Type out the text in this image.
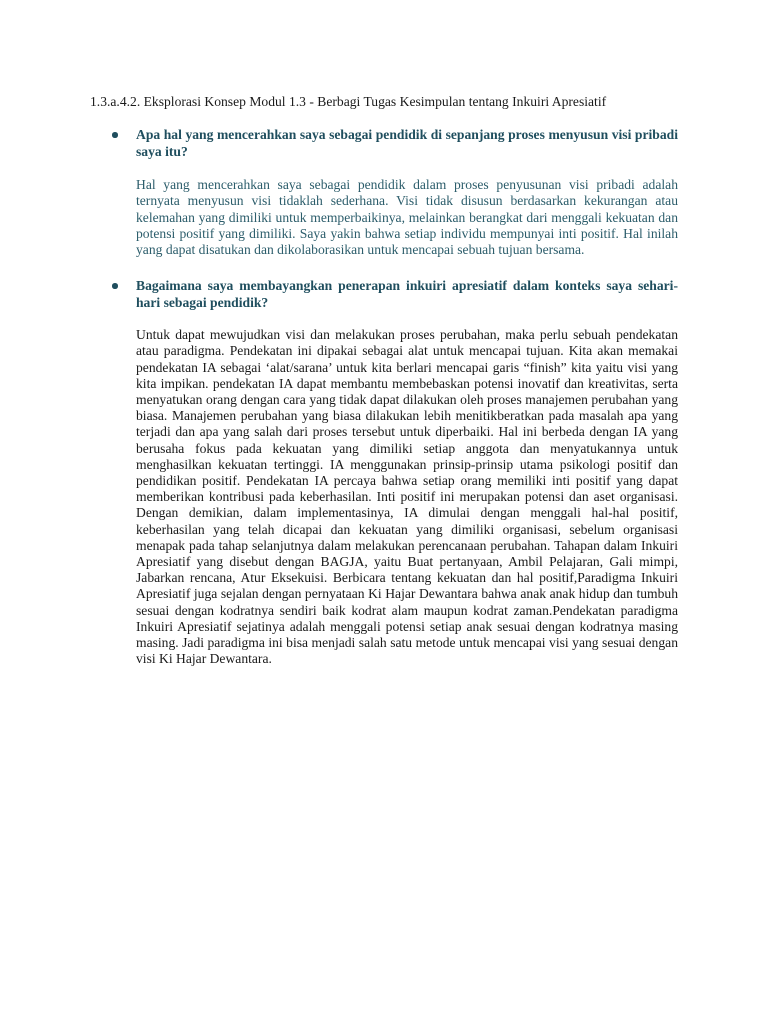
1.3.a.4.2. Eksplorasi Konsep Modul 1.3 - Berbagi Tugas Kesimpulan tentang Inkuiri Apresiatif
Apa hal yang mencerahkan saya sebagai pendidik di sepanjang proses menyusun visi pribadi saya itu?
Hal yang mencerahkan saya sebagai pendidik dalam proses penyusunan visi pribadi adalah ternyata menyusun visi tidaklah sederhana. Visi tidak disusun berdasarkan kekurangan atau kelemahan yang dimiliki untuk memperbaikinya, melainkan berangkat dari menggali kekuatan dan potensi positif yang dimiliki. Saya yakin bahwa setiap individu mempunyai inti positif. Hal inilah yang dapat disatukan dan dikolaborasikan untuk mencapai sebuah tujuan bersama.
Bagaimana saya membayangkan penerapan inkuiri apresiatif dalam konteks saya sehari-hari sebagai pendidik?
Untuk dapat mewujudkan visi dan melakukan proses perubahan, maka perlu sebuah pendekatan atau paradigma. Pendekatan ini dipakai sebagai alat untuk mencapai tujuan. Kita akan memakai pendekatan IA sebagai ‘alat/sarana’ untuk kita berlari mencapai garis “finish” kita yaitu visi yang kita impikan. pendekatan IA dapat membantu membebaskan potensi inovatif dan kreativitas, serta menyatukan orang dengan cara yang tidak dapat dilakukan oleh proses manajemen perubahan yang biasa. Manajemen perubahan yang biasa dilakukan lebih menitikberatkan pada masalah apa yang terjadi dan apa yang salah dari proses tersebut untuk diperbaiki. Hal ini berbeda dengan IA yang berusaha fokus pada kekuatan yang dimiliki setiap anggota dan menyatukannya untuk menghasilkan kekuatan tertinggi. IA menggunakan prinsip-prinsip utama psikologi positif dan pendidikan positif. Pendekatan IA percaya bahwa setiap orang memiliki inti positif yang dapat memberikan kontribusi pada keberhasilan. Inti positif ini merupakan potensi dan aset organisasi. Dengan demikian, dalam implementasinya, IA dimulai dengan menggali hal-hal positif, keberhasilan yang telah dicapai dan kekuatan yang dimiliki organisasi, sebelum organisasi menapak pada tahap selanjutnya dalam melakukan perencanaan perubahan. Tahapan dalam Inkuiri Apresiatif yang disebut dengan BAGJA, yaitu Buat pertanyaan, Ambil Pelajaran, Gali mimpi, Jabarkan rencana, Atur Eksekuisi. Berbicara tentang kekuatan dan hal positif,Paradigma Inkuiri Apresiatif juga sejalan dengan pernyataan Ki Hajar Dewantara bahwa anak anak hidup dan tumbuh sesuai dengan kodratnya sendiri baik kodrat alam maupun kodrat zaman.Pendekatan paradigma Inkuiri Apresiatif sejatinya adalah menggali potensi setiap anak sesuai dengan kodratnya masing masing. Jadi paradigma ini bisa menjadi salah satu metode untuk mencapai visi yang sesuai dengan visi Ki Hajar Dewantara.
